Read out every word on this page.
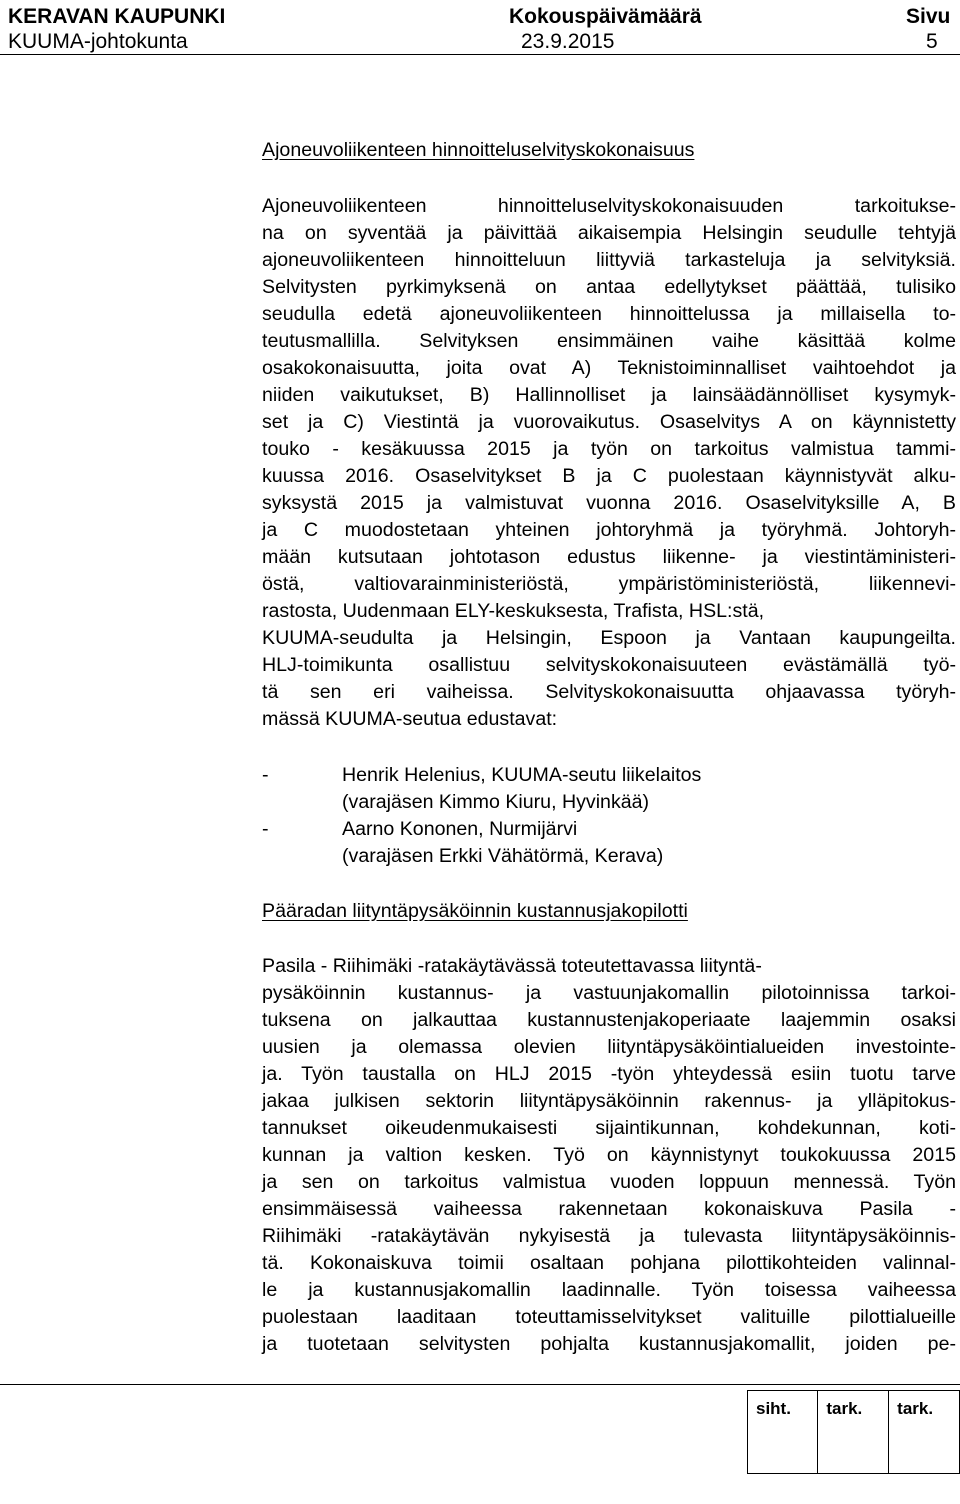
KERAVAN KAUPUNKI	Kokouspäivämäärä	Sivu
KUUMA-johtokunta	23.9.2015	5
Ajoneuvoliikenteen hinnoitteluselvityskokonaisuus
Ajoneuvoliikenteen hinnoitteluselvityskokonaisuuden tarkoitukse-
na on syventää ja päivittää aikaisempia Helsingin seudulle tehtyjä
ajoneuvoliikenteen hinnoitteluun liittyviä tarkasteluja ja selvityksiä.
Selvitysten pyrkimyksenä on antaa edellytykset päättää, tulisiko
seudulla edetä ajoneuvoliikenteen hinnoittelussa ja millaisella to-
teutusmallilla. Selvityksen ensimmäinen vaihe käsittää kolme
osakokonaisuutta, joita ovat A) Teknistoiminnalliset vaihtoehdot ja
niiden vaikutukset, B) Hallinnolliset ja lainsäädännölliset kysymyk-
set ja C) Viestintä ja vuorovaikutus. Osaselvitys A on käynnistetty
touko - kesäkuussa 2015 ja työn on tarkoitus valmistua tammi-
kuussa 2016. Osaselvitykset B ja C puolestaan käynnistyvät alku-
syksystä 2015 ja valmistuvat vuonna 2016. Osaselvityksille A, B
ja C muodostetaan yhteinen johtoryhmä ja työryhmä. Johtoryh-
mään kutsutaan johtotason edustus liikenne- ja viestintäministeri-
östä, valtiovarainministeriöstä, ympäristöministeriöstä, liikennevi-
rastosta, Uudenmaan ELY-keskuksesta, Trafista, HSL:stä,
KUUMA-seudulta ja Helsingin, Espoon ja Vantaan kaupungeilta.
HLJ-toimikunta osallistuu selvityskokonaisuuteen evästämällä työ-
tä sen eri vaiheissa. Selvityskokonaisuutta ohjaavassa työryh-
mässä KUUMA-seutua edustavat:
-	Henrik Helenius, KUUMA-seutu liikelaitos
(varajäsen Kimmo Kiuru, Hyvinkää)
-	Aarno Kononen, Nurmijärvi
(varajäsen Erkki Vähätörmä, Kerava)
Pääradan liityntäpysäköinnin kustannusjakopilotti
Pasila - Riihimäki -ratakäytävässä toteutettavassa liityntä-
pysäköinnin kustannus- ja vastuunjakomallin pilotoinnissa tarkoi-
tuksena on jalkauttaa kustannustenjakoperiaate laajemmin osaksi
uusien ja olemassa olevien liityntäpysäköintialueiden investointe-
ja. Työn taustalla on HLJ 2015 -työn yhteydessä esiin tuotu tarve
jakaa julkisen sektorin liityntäpysäköinnin rakennus- ja ylläpitokus-
tannukset oikeudenmukaisesti sijaintikunnan, kohdekunnan, koti-
kunnan ja valtion kesken. Työ on käynnistynyt toukokuussa 2015
ja sen on tarkoitus valmistua vuoden loppuun mennessä. Työn
ensimmäisessä vaiheessa rakennetaan kokonaiskuva Pasila -
Riihimäki -ratakäytävän nykyisestä ja tulevasta liityntäpysäköinnis-
tä. Kokonaiskuva toimii osaltaan pohjana pilottikohteiden valinnal-
le ja kustannusjakomallin laadinnalle. Työn toisessa vaiheessa
puolestaan laaditaan toteuttamisselvitykset valituille pilottialueille
ja tuotetaan selvitysten pohjalta kustannusjakomallit, joiden pe-
siht.	tark.	tark.
